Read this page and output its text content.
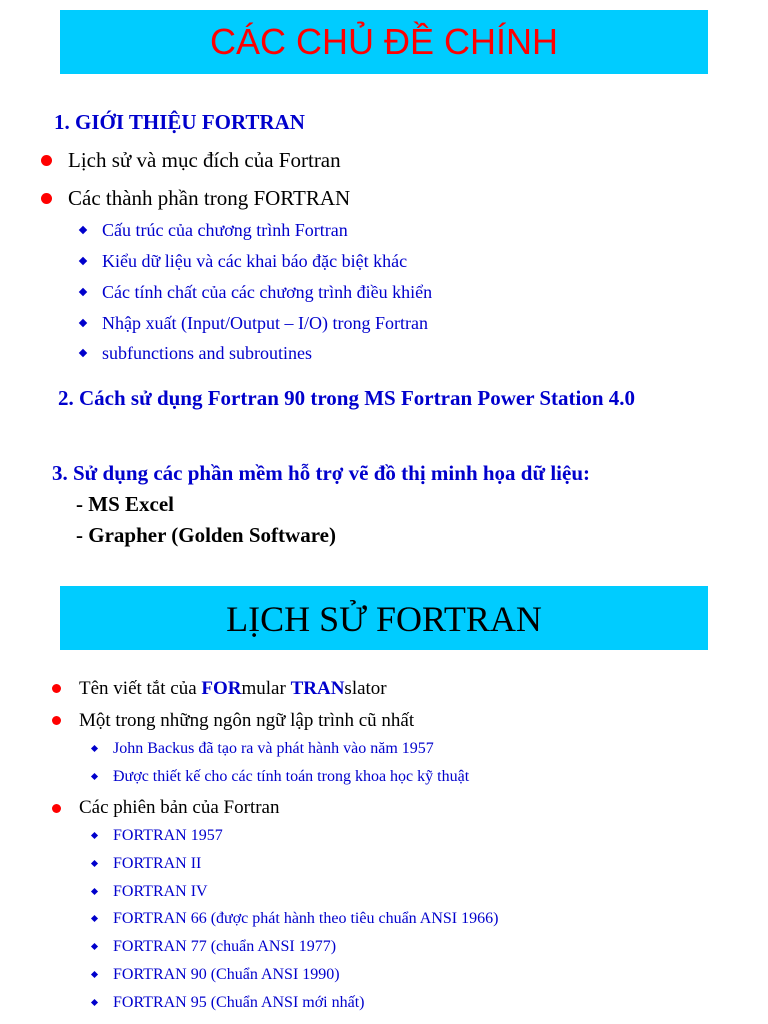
CÁC CHỦ ĐỀ CHÍNH
1. GIỚI THIỆU FORTRAN
Lịch sử và mục đích của Fortran
Các thành phần trong FORTRAN
Cấu trúc của chương trình Fortran
Kiểu dữ liệu và các khai báo đặc biệt khác
Các tính chất của các chương trình điều khiển
Nhập xuất (Input/Output – I/O) trong Fortran
subfunctions and subroutines
2. Cách sử dụng Fortran 90 trong MS Fortran Power Station 4.0
3. Sử dụng các phần mềm hỗ trợ vẽ đồ thị minh họa dữ liệu:
- MS Excel
- Grapher (Golden Software)
LỊCH SỬ FORTRAN
Tên viết tắt của FORmular TRANslator
Một trong những ngôn ngữ lập trình cũ nhất
John Backus đã tạo ra và phát hành vào năm 1957
Được thiết kế cho các tính toán trong khoa học kỹ thuật
Các phiên bản của Fortran
FORTRAN 1957
FORTRAN II
FORTRAN IV
FORTRAN 66 (được phát hành theo tiêu chuẩn ANSI 1966)
FORTRAN 77 (chuẩn ANSI 1977)
FORTRAN 90 (Chuẩn ANSI 1990)
FORTRAN 95 (Chuẩn ANSI mới nhất)
